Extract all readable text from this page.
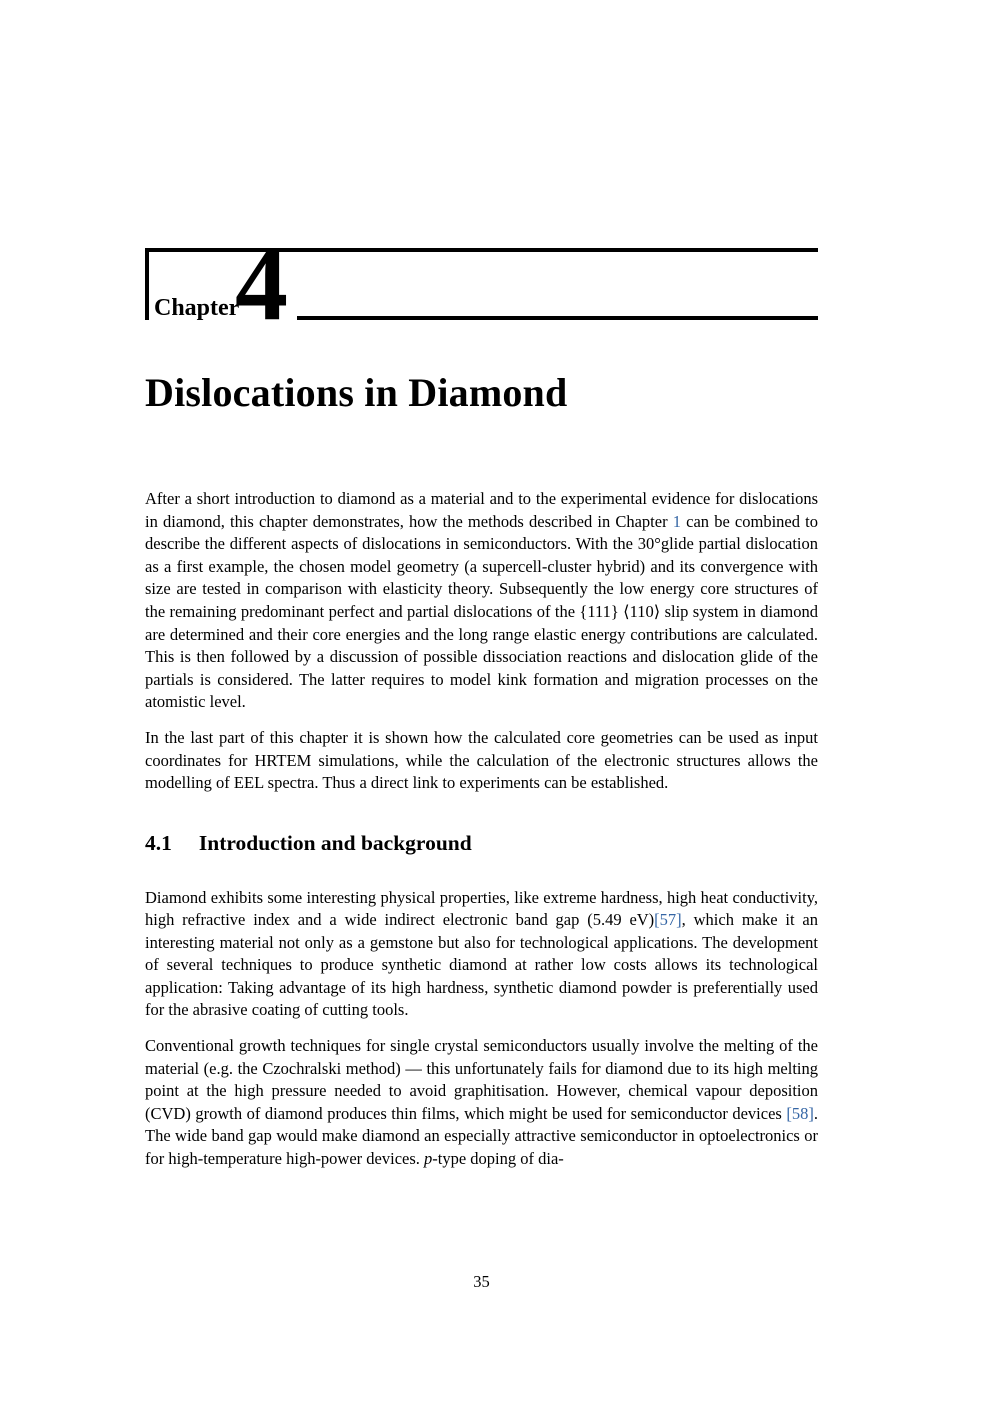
Chapter
4
Dislocations in Diamond

After a short introduction to diamond as a material and to the experimental evidence for dislocations in diamond, this chapter demonstrates, how the methods described in Chapter 1 can be combined to describe the different aspects of dislocations in semiconductors. With the 30°glide partial dislocation as a first example, the chosen model geometry (a supercell-cluster hybrid) and its convergence with size are tested in comparison with elasticity theory. Subsequently the low energy core structures of the remaining predominant perfect and partial dislocations of the {111} ⟨110⟩ slip system in diamond are determined and their core energies and the long range elastic energy contributions are calculated. This is then followed by a discussion of possible dissociation reactions and dislocation glide of the partials is considered. The latter requires to model kink formation and migration processes on the atomistic level.

In the last part of this chapter it is shown how the calculated core geometries can be used as input coordinates for HRTEM simulations, while the calculation of the electronic structures allows the modelling of EEL spectra. Thus a direct link to experiments can be established.

4.1 Introduction and background

Diamond exhibits some interesting physical properties, like extreme hardness, high heat conductivity, high refractive index and a wide indirect electronic band gap (5.49 eV)[57], which make it an interesting material not only as a gemstone but also for technological applications. The development of several techniques to produce synthetic diamond at rather low costs allows its technological application: Taking advantage of its high hardness, synthetic diamond powder is preferentially used for the abrasive coating of cutting tools.

Conventional growth techniques for single crystal semiconductors usually involve the melting of the material (e.g. the Czochralski method) — this unfortunately fails for diamond due to its high melting point at the high pressure needed to avoid graphitisation. However, chemical vapour deposition (CVD) growth of diamond produces thin films, which might be used for semiconductor devices [58]. The wide band gap would make diamond an especially attractive semiconductor in optoelectronics or for high-temperature high-power devices. p-type doping of dia-

35
